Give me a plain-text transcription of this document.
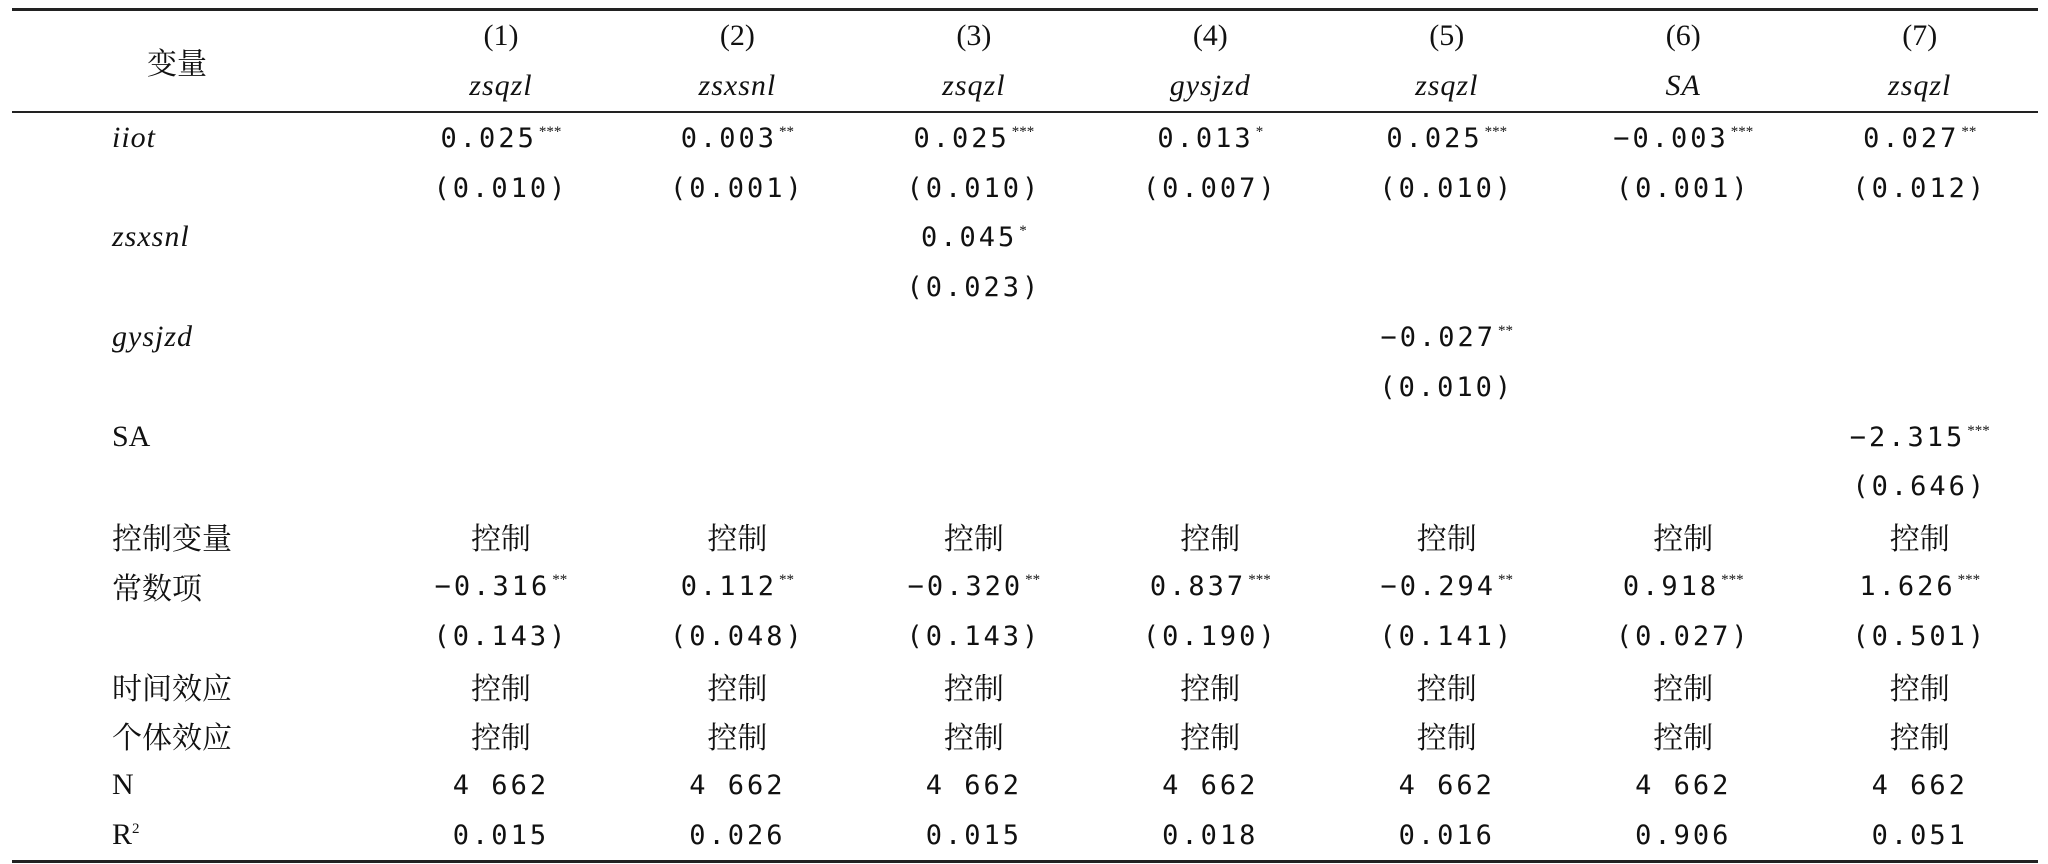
变量	(1)	(2)	(3)	(4)	(5)	(6)	(7)
	zsqzl	zsxsnl	zsqzl	gysjzd	zsqzl	SA	zsqzl
iiot	0.025 ***	0.003 **	0.025 ***	0.013 *	0.025 ***	−0.003 ***	0.027 **
	(0.010)	(0.001)	(0.010)	(0.007)	(0.010)	(0.001)	(0.012)
zsxsnl			0.045 *				
			(0.023)				
gysjzd					−0.027 **		
					(0.010)		
SA							−2.315 ***
							(0.646)
控制变量	控制	控制	控制	控制	控制	控制	控制
常数项	−0.316 **	0.112 **	−0.320 **	0.837 ***	−0.294 **	0.918 ***	1.626 ***
	(0.143)	(0.048)	(0.143)	(0.190)	(0.141)	(0.027)	(0.501)
时间效应	控制	控制	控制	控制	控制	控制	控制
个体效应	控制	控制	控制	控制	控制	控制	控制
N	4 662	4 662	4 662	4 662	4 662	4 662	4 662
$R^2$	0.015	0.026	0.015	0.018	0.016	0.906	0.051
